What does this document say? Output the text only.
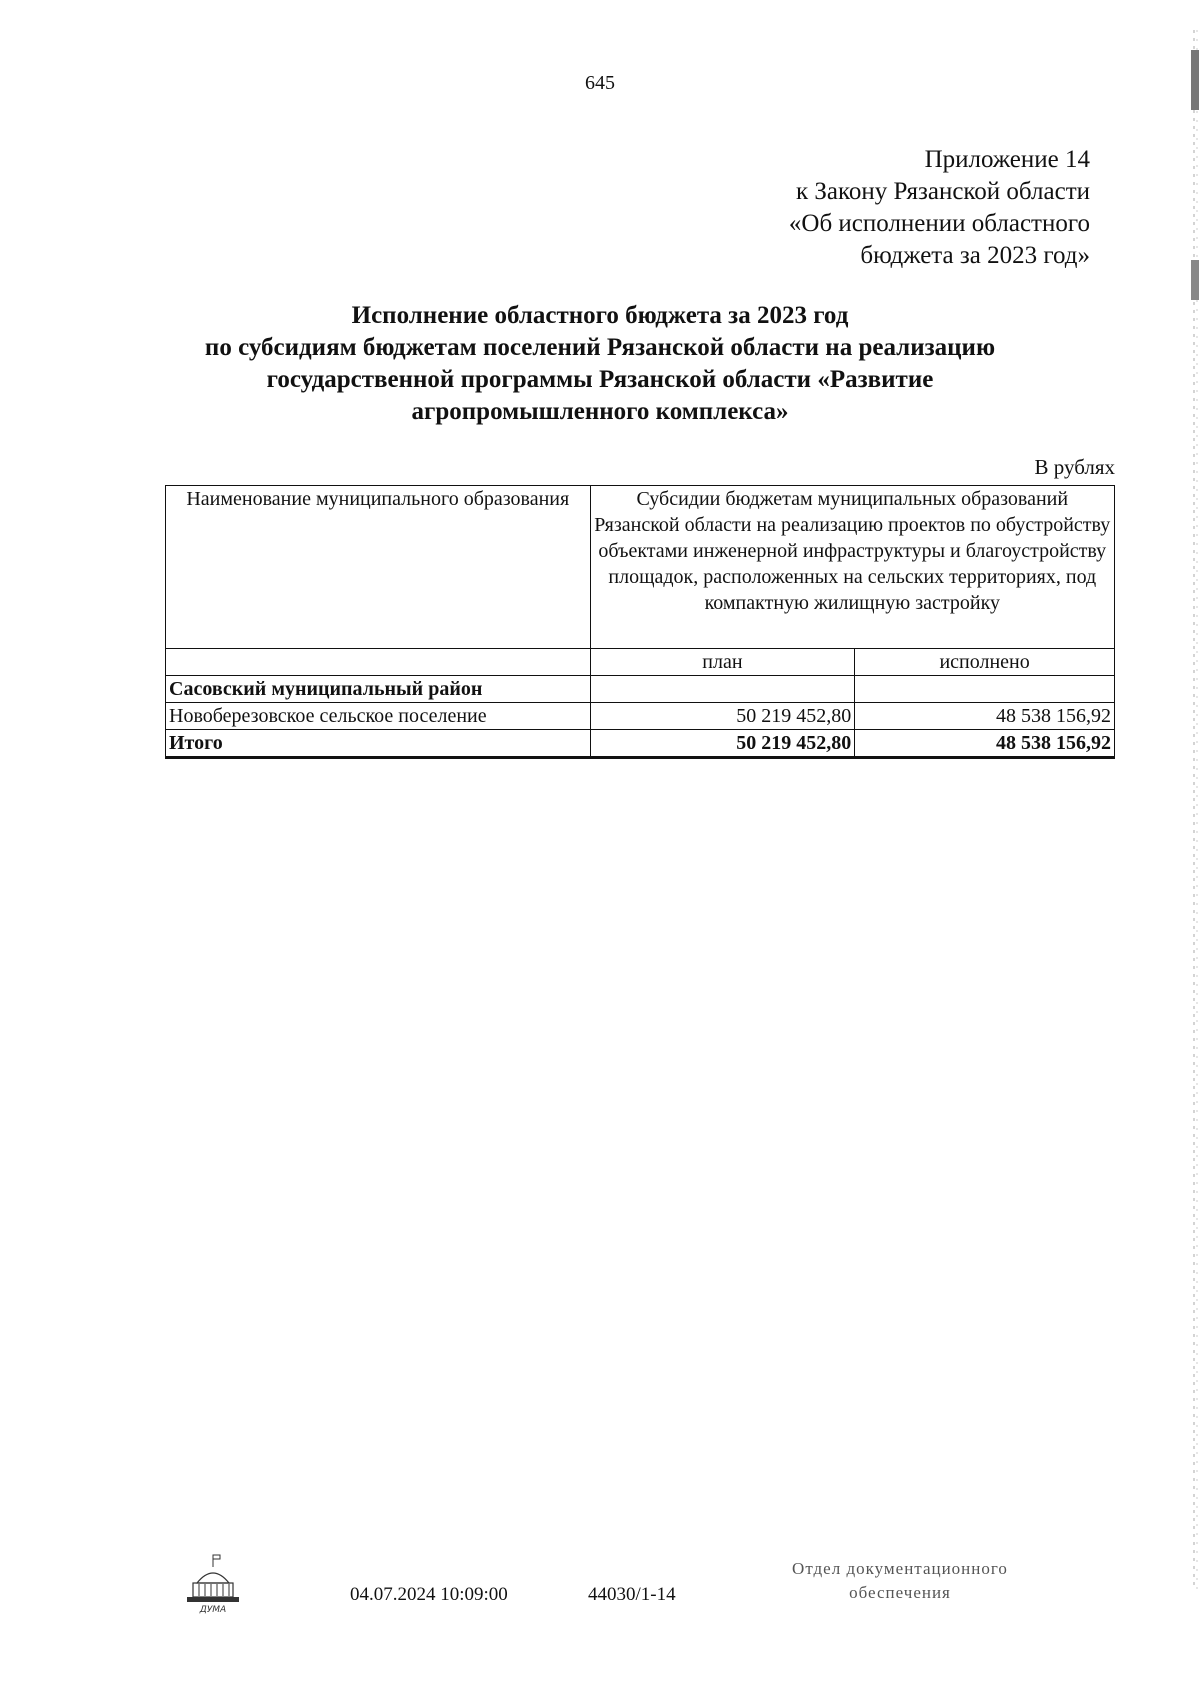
645
Приложение 14
к Закону Рязанской области
«Об исполнении областного
бюджета за 2023 год»
Исполнение областного бюджета за 2023 год
по субсидиям бюджетам поселений Рязанской области на реализацию
государственной программы Рязанской области «Развитие
агропромышленного комплекса»
В рублях
Наименование муниципального образования	Субсидии бюджетам муниципальных образований Рязанской области на реализацию проектов по обустройству объектами инженерной инфраструктуры и благоустройству площадок, расположенных на сельских территориях, под компактную жилищную застройку	
	план	исполнено
Сасовский муниципальный район		
Новоберезовское сельское поселение	50 219 452,80	48 538 156,92
Итого	50 219 452,80	48 538 156,92
ДУМА
04.07.2024 10:09:00	44030/1-14
Отдел документационного
обеспечения
